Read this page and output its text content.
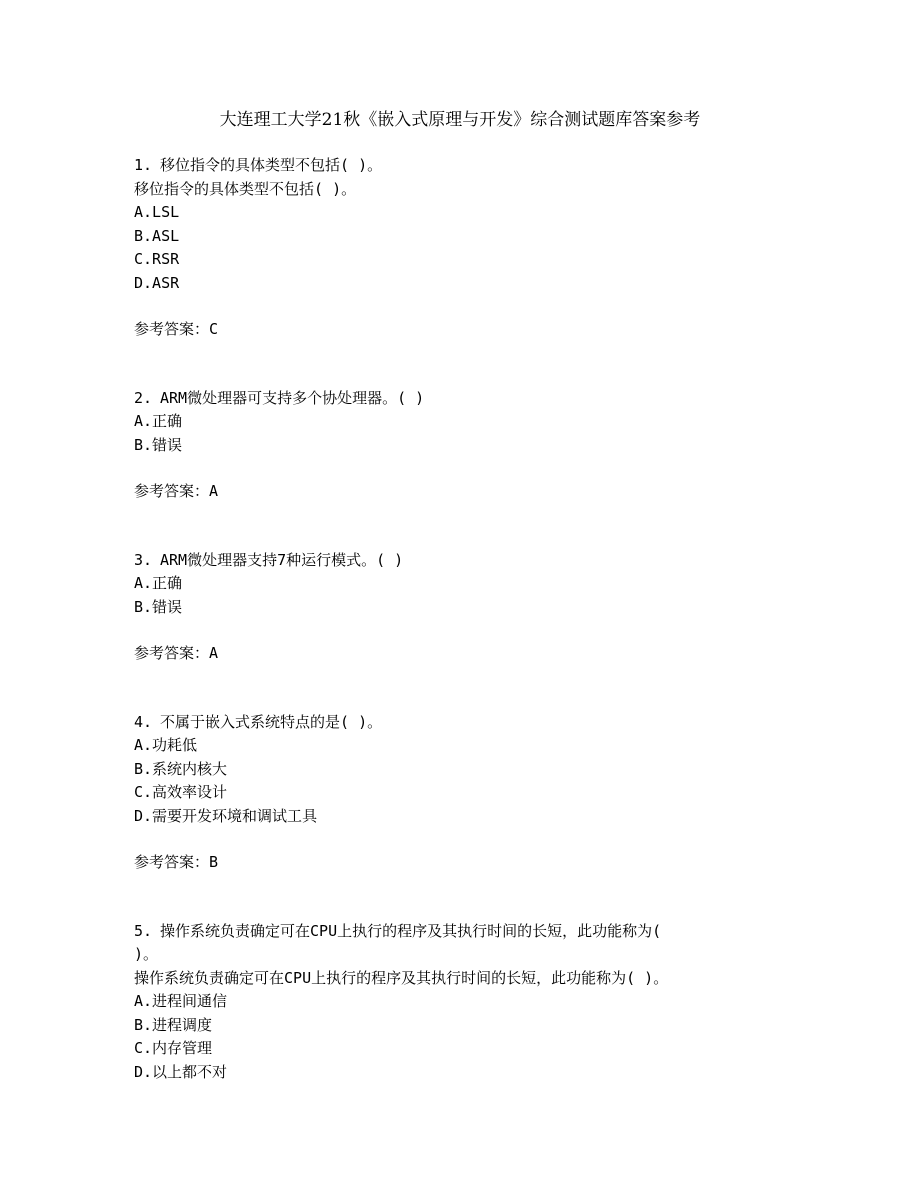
大连理工大学21秋《嵌入式原理与开发》综合测试题库答案参考
1. 移位指令的具体类型不包括( )。
移位指令的具体类型不包括( )。
A.LSL
B.ASL
C.RSR
D.ASR
参考答案：C
2. ARM微处理器可支持多个协处理器。( )
A.正确
B.错误
参考答案：A
3. ARM微处理器支持7种运行模式。( )
A.正确
B.错误
参考答案：A
4. 不属于嵌入式系统特点的是( )。
A.功耗低
B.系统内核大
C.高效率设计
D.需要开发环境和调试工具
参考答案：B
5. 操作系统负责确定可在CPU上执行的程序及其执行时间的长短，此功能称为(
)。
操作系统负责确定可在CPU上执行的程序及其执行时间的长短，此功能称为( )。
A.进程间通信
B.进程调度
C.内存管理
D.以上都不对
